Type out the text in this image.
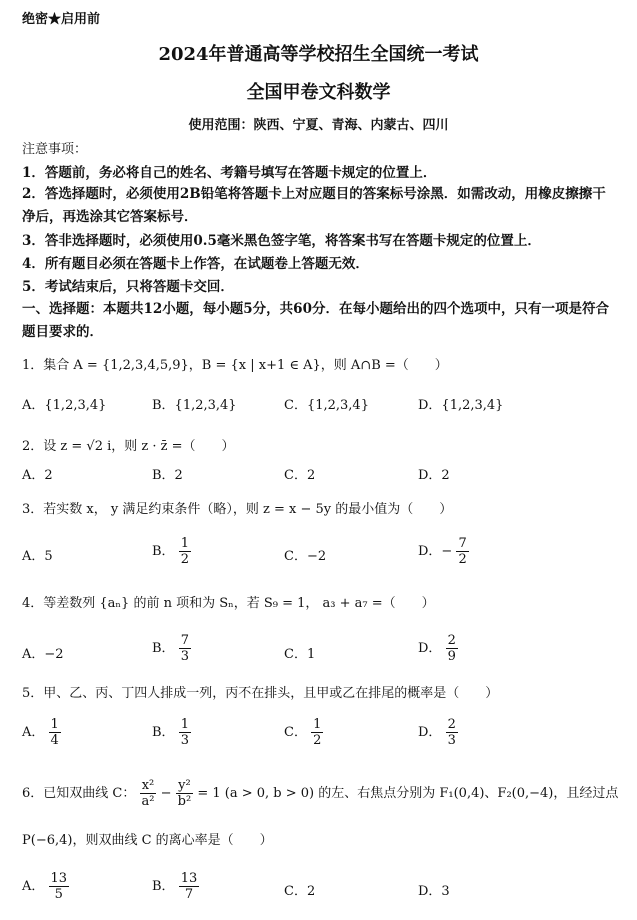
绝密★启用前
2024年普通高等学校招生全国统一考试
全国甲卷文科数学
使用范围：陕西、宁夏、青海、内蒙古、四川
注意事项：
1．答题前，务必将自己的姓名、考籍号填写在答题卡规定的位置上．
2．答选择题时，必须使用2B铅笔将答题卡上对应题目的答案标号涂黑．如需改动，用橡皮擦擦干净后，再选涂其它答案标号．
3．答非选择题时，必须使用0.5毫米黑色签字笔，将答案书写在答题卡规定的位置上．
4．所有题目必须在答题卡上作答，在试题卷上答题无效．
5．考试结束后，只将答题卡交回．
一、选择题：本题共12小题，每小题5分，共60分．在每小题给出的四个选项中，只有一项是符合题目要求的．
1．集合 A = {1,2,3,4,5,9}，B = {x | x+1 ∈ A}，则 A∩B =（　　）
A．{1,2,3,4}	B．{1,2,3,4}	C．{1,2,3,4}	D．{1,2,3,4}
2．设 z = √2 i，则 z · z̄ =（　　）
A．2	B．2	C．2	D．2
3．若实数 x， y 满足约束条件（略），则 z = x − 5y 的最小值为（　　）
A．5	B． $\frac{1}{2}$	C．−2	D．− $\frac{7}{2}$
4．等差数列 {aₙ} 的前 n 项和为 Sₙ，若 S₉ = 1， a₃ + a₇ =（　　）
A．−2	B． $\frac{7}{3}$	C．1	D． $\frac{2}{9}$
5．甲、乙、丙、丁四人排成一列，丙不在排头，且甲或乙在排尾的概率是（　　）
A． $\frac{1}{4}$	B． $\frac{1}{3}$	C． $\frac{1}{2}$	D． $\frac{2}{3}$
6．已知双曲线 C： $\frac{\text{x²}}{\text{a²}} - \frac{\text{y²}}{\text{b²}} = 1$ (a > 0, b > 0) 的左、右焦点分别为 F₁(0,4)、F₂(0,−4)，且经过点
P(−6,4)，则双曲线 C 的离心率是（　　）
A． $\frac{13}{5}$	B． $\frac{13}{7}$	C．2	D．3
